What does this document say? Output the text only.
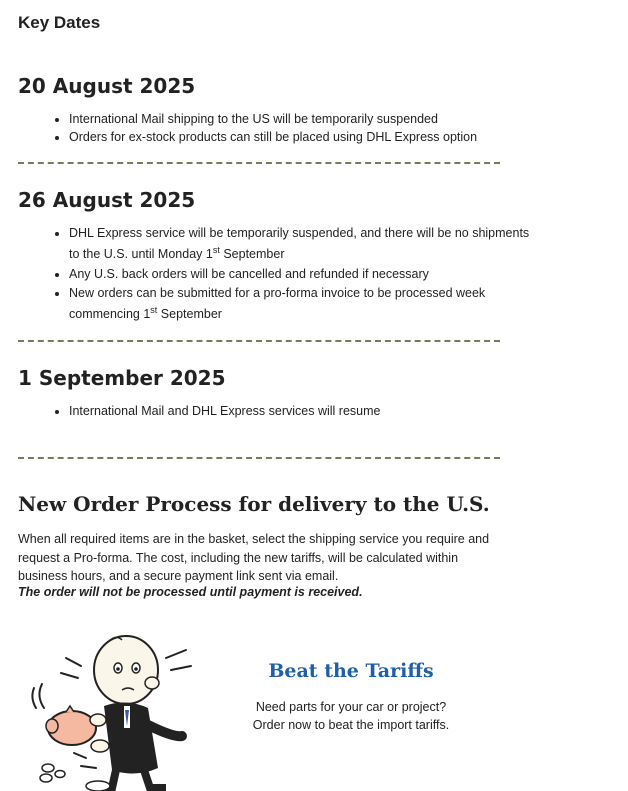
Key Dates
20 August 2025
• International Mail shipping to the US will be temporarily suspended
• Orders for ex-stock products can still be placed using DHL Express option
26 August 2025
• DHL Express service will be temporarily suspended, and there will be no shipments to the U.S. until Monday 1st September
• Any U.S. back orders will be cancelled and refunded if necessary
• New orders can be submitted for a pro-forma invoice to be processed week commencing 1st September
1 September 2025
• International Mail and DHL Express services will resume
New Order Process for delivery to the U.S.

When all required items are in the basket, select the shipping service you require and request a Pro-forma. The cost, including the new tariffs, will be calculated within business hours, and a secure payment link sent via email.

The order will not be processed until payment is received.

Beat the Tariffs

Need parts for your car or project?

Order now to beat the import tariffs.
